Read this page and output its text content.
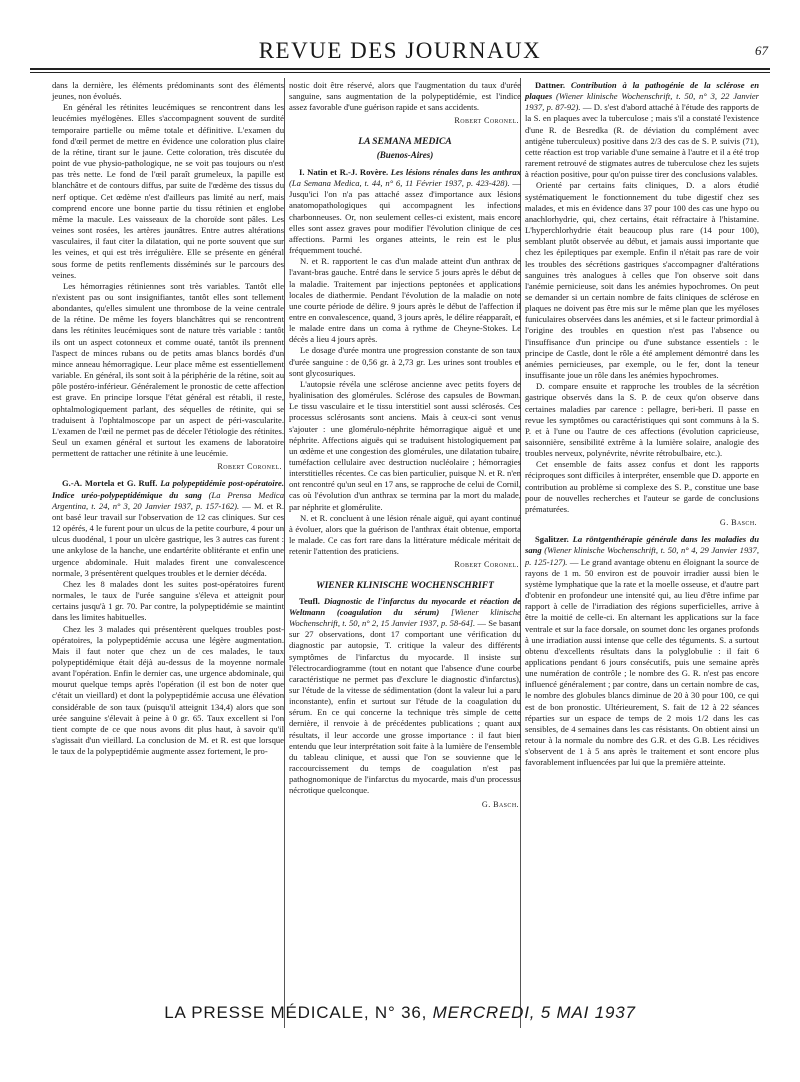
REVUE DES JOURNAUX	67

dans la dernière, les éléments prédominants sont des éléments jeunes, non évolués.

En général les rétinites leucémiques se rencontrent dans les leucémies myélogènes. Elles s'accompagnent souvent de surdité temporaire partielle ou même totale et définitive. L'examen du fond d'œil permet de mettre en évidence une coloration plus claire de la rétine, tirant sur le jaune. Cette coloration, très discutée du point de vue physio-pathologique, ne se voit pas toujours ou n'est pas très nette. Le fond de l'œil paraît grumeleux, la papille est blanchâtre et de contours diffus, par suite de l'œdème des tissus du nerf optique. Cet œdème n'est d'ailleurs pas limité au nerf, mais comprend encore une bonne partie du tissu rétinien et englobe même la macule. Les vaisseaux de la choroïde sont pâles. Les veines sont rosées, les artères jaunâtres. Entre autres altérations vasculaires, il faut citer la dilatation, qui ne porte souvent que sur les veines, et qui est très irrégulière. Elle se présente en général sous forme de petits renflements disséminés sur le parcours des veines.

Les hémorragies rétiniennes sont très variables. Tantôt elle n'existent pas ou sont insignifiantes, tantôt elles sont tellement abondantes, qu'elles simulent une thrombose de la veine centrale de la rétine. De même les foyers blanchâtres qui se rencontrent dans les rétinites leucémiques sont de nature très variable : tantôt ils ont un aspect cotonneux et comme ouaté, tantôt ils prennent l'aspect de minces rubans ou de petits amas blancs bordés d'un mince anneau hémorragique. Leur place même est essentiellement variable. En général, ils sont soit à la périphérie de la rétine, soit au pôle postéro-inférieur. Généralement le pronostic de cette affection est grave. En principe lorsque l'état général est rétabli, il reste, ophtalmologiquement parlant, des séquelles de rétinite, qui se traduisent à l'ophtalmoscope par un aspect de péri-vascularite. L'examen de l'œil ne permet pas de déceler l'étiologie des rétinites. Seul un examen général et surtout les examens de laboratoire permettent de rattacher une rétinite à une leucémie.

Robert Coronel.

G.-A. Mortela et G. Ruff. La polypeptidémie post-opératoire. Indice uréo-polypeptidémique du sang (La Prensa Medica Argentina, t. 24, n° 3, 20 Janvier 1937, p. 157-162). — M. et R. ont basé leur travail sur l'observation de 12 cas cliniques. Sur ces 12 opérés, 4 le furent pour un ulcus de la petite courbure, 4 pour un ulcus duodénal, 1 pour un ulcère gastrique, les 3 autres cas furent : une ankylose de la hanche, une endartérite oblitérante et enfin une urgence abdominale. Huit malades firent une convalescence normale, 3 présentèrent quelques troubles et le dernier décéda.

Chez les 8 malades dont les suites post-opératoires furent normales, le taux de l'urée sanguine s'éleva et atteignit pour certains jusqu'à 1 gr. 70. Par contre, la polypeptidémie se maintint dans les limites habituelles.

Chez les 3 malades qui présentèrent quelques troubles post-opératoires, la polypeptidémie accusa une légère augmentation. Mais il faut noter que chez un de ces malades, le taux polypeptidémique était déjà au-dessus de la moyenne normale avant l'opération. Enfin le dernier cas, une urgence abdominale, qui mourut quelque temps après l'opération (il est bon de noter que c'était un vieillard) et dont la polypeptidémie accusa une élévation considérable de son taux (puisqu'il atteignit 134,4) alors que son urée sanguine s'élevait à peine à 0 gr. 65. Taux excellent si l'on tient compte de ce que nous avons dit plus haut, à savoir qu'il s'agissait d'un vieillard. La conclusion de M. et R. est que lorsque le taux de la polypeptidémie augmente assez fortement, le pro-

nostic doit être réservé, alors que l'augmentation du taux d'urée sanguine, sans augmentation de la polypeptidémie, est l'indice assez favorable d'une guérison rapide et sans accidents.

Robert Coronel.
LA SEMANA MEDICA
(Buenos-Aires)

I. Natin et R.-J. Rovère. Les lésions rénales dans les anthrax (La Semana Medica, t. 44, n° 6, 11 Février 1937, p. 423-428). — Jusqu'ici l'on n'a pas attaché assez d'importance aux lésions anatomopathologiques qui accompagnent les infections charbonneuses. Or, non seulement celles-ci existent, mais encore elles sont assez graves pour modifier l'évolution clinique de ces affections. Parmi les organes atteints, le rein est le plus fréquemment touché.

N. et R. rapportent le cas d'un malade atteint d'un anthrax de l'avant-bras gauche. Entré dans le service 5 jours après le début de la maladie. Traitement par injections peptonées et applications locales de diathermie. Pendant l'évolution de la maladie on note une courte période de délire. 9 jours après le début de l'affection il entre en convalescence, quand, 3 jours après, le délire réapparaît, et le malade entre dans un coma à rythme de Cheyne-Stokes. Le décès a lieu 4 jours après.

Le dosage d'urée montra une progression constante de son taux d'urée sanguine : de 0,56 gr. à 2,73 gr. Les urines sont troubles et sont glycosuriques.

L'autopsie révéla une sclérose ancienne avec petits foyers de hyalinisation des glomérules. Sclérose des capsules de Bowman. Le tissu vasculaire et le tissu interstitiel sont aussi sclérosés. Ces processus sclérosants sont anciens. Mais à ceux-ci sont venus s'ajouter : une glomérulo-néphrite hémorragique aiguë et une néphrite. Affections aiguës qui se traduisent histologiquement par un œdème et une congestion des glomérules, une dilatation tubaire, tuméfaction cellulaire avec destruction nucléolaire ; hémorragies interstitielles récentes. Ce cas bien particulier, puisque N. et R. n'en ont rencontré qu'un seul en 17 ans, se rapproche de celui de Cornil, cas où l'évolution d'un anthrax se termina par la mort du malade, par néphrite et glomérulite.

N. et R. concluent à une lésion rénale aiguë, qui ayant continué à évoluer, alors que la guérison de l'anthrax était obtenue, emporta le malade. Ce cas fort rare dans la littérature médicale méritait de retenir l'attention des praticiens.

Robert Coronel.
WIENER KLINISCHE WOCHENSCHRIFT

Teufl. Diagnostic de l'infarctus du myocarde et réaction de Weltmann (coagulation du sérum) [Wiener klinische Wochenschrift, t. 50, n° 2, 15 Janvier 1937, p. 58-64]. — Se basant sur 27 observations, dont 17 comportant une vérification du diagnostic par autopsie, T. critique la valeur des différents symptômes de l'infarctus du myocarde. Il insiste sur l'électrocardiogramme (tout en notant que l'absence d'une courbe caractéristique ne permet pas d'exclure le diagnostic d'infarctus), sur l'étude de la vitesse de sédimentation (dont la valeur lui a paru inconstante), enfin et surtout sur l'étude de la coagulation du sérum. En ce qui concerne la technique très simple de cette dernière, il renvoie à de précédentes publications ; quant aux résultats, il leur accorde une grosse importance : il faut bien entendu que leur interprétation soit faite à la lumière de l'ensemble du tableau clinique, et aussi que l'on se souvienne que le raccourcissement du temps de coagulation n'est pas pathognomonique de l'infarctus du myocarde, mais d'un processus nécrotique quelconque.

G. Basch.

Dattner. Contribution à la pathogénie de la sclérose en plaques (Wiener klinische Wochenschrift, t. 50, n° 3, 22 Janvier 1937, p. 87-92). — D. s'est d'abord attaché à l'étude des rapports de la S. en plaques avec la tuberculose ; mais s'il a constaté l'existence d'une R. de Besredka (R. de déviation du complément avec antigène tuberculeux) positive dans 2/3 des cas de S. P. suivis (71), cette réaction est trop variable d'une semaine à l'autre et il a été trop rarement retrouvé de stigmates autres de tuberculose chez les sujets à réaction positive, pour qu'on puisse tirer des conclusions valables.

Orienté par certains faits cliniques, D. a alors étudié systématiquement le fonctionnement du tube digestif chez ses malades, et mis en évidence dans 37 pour 100 des cas une hypo ou anachlorhydrie, qui, chez certains, était réfractaire à l'histamine. L'hyperchlorhydrie était beaucoup plus rare (14 pour 100), semblant plutôt observée au début, et jamais aussi importante que chez les épileptiques par exemple. Enfin il n'était pas rare de voir les troubles des sécrétions gastriques s'accompagner d'altérations sanguines très analogues à celles que l'on observe soit dans l'anémie pernicieuse, soit dans les anémies hypochromes. On peut se demander si un certain nombre de faits cliniques de sclérose en plaques ne doivent pas être mis sur le même plan que les myéloses funiculaires observées dans les anémies, et si le facteur primordial à l'origine des troubles en question n'est pas l'absence ou l'insuffisance d'un principe ou d'une substance essentiels : le principe de Castle, dont le rôle a été amplement démontré dans les anémies pernicieuses, par exemple, ou le fer, dont la teneur insuffisante joue un rôle dans les anémies hypochromes.

D. compare ensuite et rapproche les troubles de la sécrétion gastrique observés dans la S. P. de ceux qu'on observe dans certaines maladies par carence : pellagre, beri-beri. Il passe en revue les symptômes ou caractéristiques qui sont communs à la S. P. et à l'une ou l'autre de ces affections (évolution capricieuse, saisonnière, sensibilité extrême à la lumière solaire, analogie des troubles nerveux, polynévrite, névrite rétrobulbaire, etc.).

Cet ensemble de faits assez confus et dont les rapports réciproques sont difficiles à interpréter, ensemble que D. apporte en contribution au problème si complexe des S. P., constitue une base pour de nouvelles recherches et l'auteur se garde de conclusions prématurées.

G. Basch.

Sgalitzer. La röntgenthérapie générale dans les maladies du sang (Wiener klinische Wochenschrift, t. 50, n° 4, 29 Janvier 1937, p. 125-127). — Le grand avantage obtenu en éloignant la source de rayons de 1 m. 50 environ est de pouvoir irradier aussi bien le système lymphatique que la rate et la moelle osseuse, et d'autre part d'obtenir en profondeur une intensité qui, au lieu d'être infime par rapport à celle de l'irradiation des régions superficielles, arrive à être la moitié de celle-ci. En alternant les applications sur la face ventrale et sur la face dorsale, on soumet donc les organes profonds à une irradiation aussi intense que celle des téguments. S. a surtout obtenu d'excellents résultats dans la polyglobulie : il fait 6 applications pendant 6 jours consécutifs, puis une semaine après une numération de contrôle ; le nombre des G. R. n'est pas encore influencé généralement ; par contre, dans un certain nombre de cas, le nombre des globules blancs diminue de 20 à 30 pour 100, ce qui est de bon pronostic. Ultérieurement, S. fait de 12 à 22 séances réparties sur un espace de temps de 2 mois 1/2 dans les cas sensibles, de 4 semaines dans les cas résistants. On obtient ainsi un retour à la normale du nombre des G.R. et des G.B. Les récidives s'observent de 1 à 5 ans après le traitement et sont encore plus favorablement influencées par lui que la première atteinte.

LA PRESSE MÉDICALE, N° 36, MERCREDI, 5 MAI 1937
